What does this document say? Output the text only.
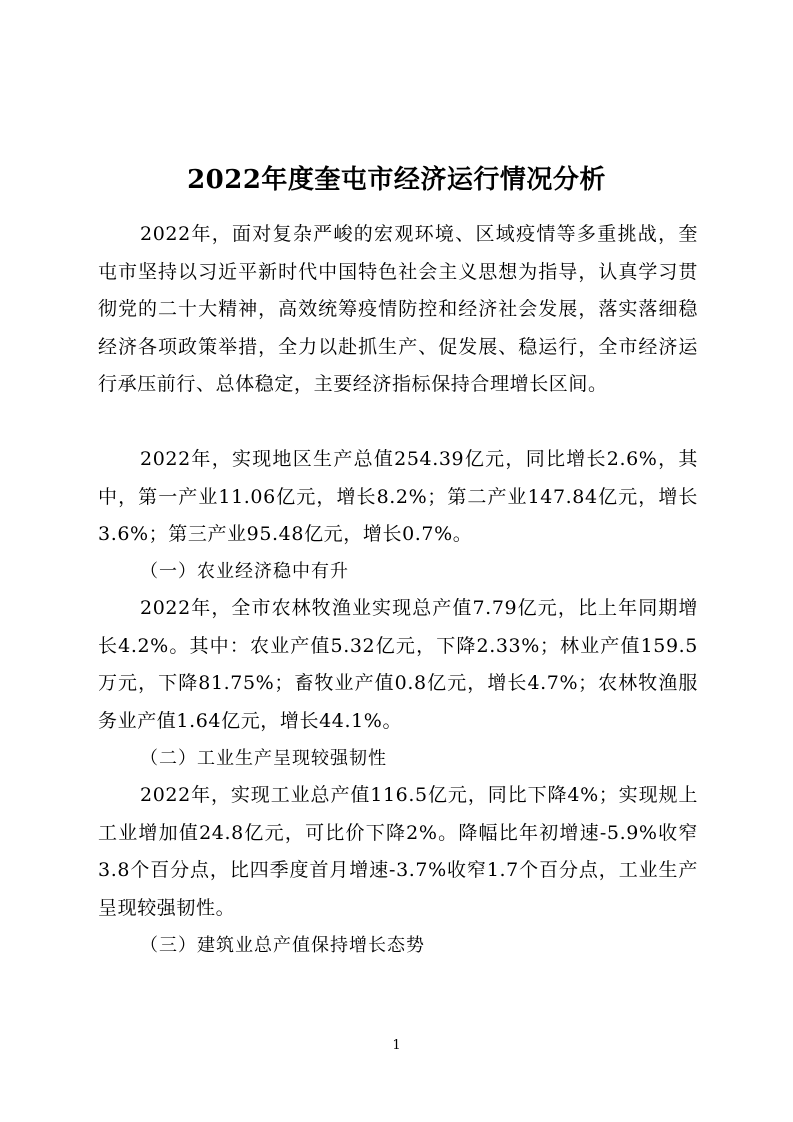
2022年度奎屯市经济运行情况分析

2022年，面对复杂严峻的宏观环境、区域疫情等多重挑战，奎屯市坚持以习近平新时代中国特色社会主义思想为指导，认真学习贯彻党的二十大精神，高效统筹疫情防控和经济社会发展，落实落细稳经济各项政策举措，全力以赴抓生产、促发展、稳运行，全市经济运行承压前行、总体稳定，主要经济指标保持合理增长区间。

2022年，实现地区生产总值254.39亿元，同比增长2.6%，其中，第一产业11.06亿元，增长8.2%；第二产业147.84亿元，增长3.6%；第三产业95.48亿元，增长0.7%。

（一）农业经济稳中有升

2022年，全市农林牧渔业实现总产值7.79亿元，比上年同期增长4.2%。其中：农业产值5.32亿元，下降2.33%；林业产值159.5万元，下降81.75%；畜牧业产值0.8亿元，增长4.7%；农林牧渔服务业产值1.64亿元，增长44.1%。

（二）工业生产呈现较强韧性

2022年，实现工业总产值116.5亿元，同比下降4%；实现规上工业增加值24.8亿元，可比价下降2%。降幅比年初增速-5.9%收窄3.8个百分点，比四季度首月增速-3.7%收窄1.7个百分点，工业生产呈现较强韧性。

（三）建筑业总产值保持增长态势

1
